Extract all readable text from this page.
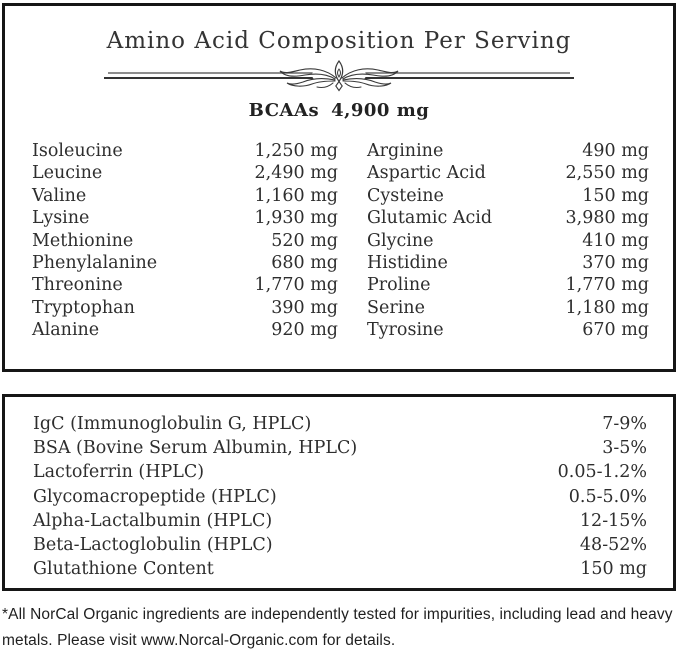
Amino Acid Composition Per Serving
BCAAs 4,900 mg
Isoleucine	1,250 mg
Leucine	2,490 mg
Valine	1,160 mg
Lysine	1,930 mg
Methionine	520 mg
Phenylalanine	680 mg
Threonine	1,770 mg
Tryptophan	390 mg
Alanine	920 mg
Arginine	490 mg
Aspartic Acid	2,550 mg
Cysteine	150 mg
Glutamic Acid	3,980 mg
Glycine	410 mg
Histidine	370 mg
Proline	1,770 mg
Serine	1,180 mg
Tyrosine	670 mg
IgC (Immunoglobulin G, HPLC)	7-9%
BSA (Bovine Serum Albumin, HPLC)	3-5%
Lactoferrin (HPLC)	0.05-1.2%
Glycomacropeptide (HPLC)	0.5-5.0%
Alpha-Lactalbumin (HPLC)	12-15%
Beta-Lactoglobulin (HPLC)	48-52%
Glutathione Content	150 mg
*All NorCal Organic ingredients are independently tested for impurities, including lead and heavy metals. Please visit www.Norcal-Organic.com for details.
